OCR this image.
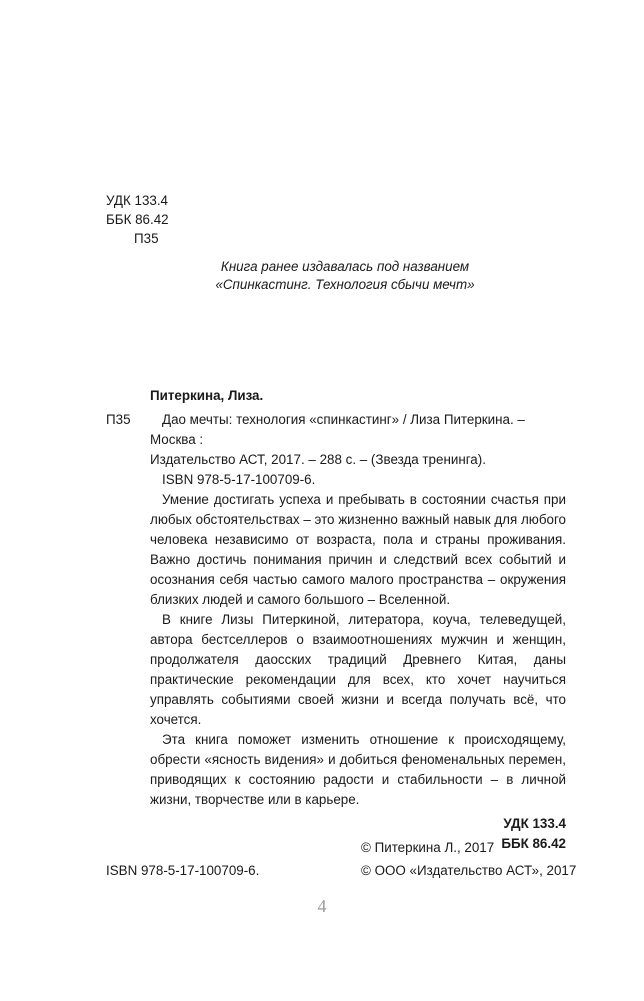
УДК 133.4
ББК 86.42
П35
Книга ранее издавалась под названием
«Спинкастинг. Технология сбычи мечт»
Питеркина, Лиза.
П35	Дао мечты: технология «спинкастинг» / Лиза Питеркина. – Москва :
Издательство АСТ, 2017. – 288 с. – (Звезда тренинга).
ISBN 978-5-17-100709-6.
Умение достигать успеха и пребывать в состоянии счастья при любых обстоятельствах – это жизненно важный навык для любого человека независимо от возраста, пола и страны проживания. Важно достичь понимания причин и следствий всех событий и осознания себя частью самого малого пространства – окружения близких людей и самого большого – Вселенной.
В книге Лизы Питеркиной, литератора, коуча, телеведущей, автора бестселлеров о взаимоотношениях мужчин и женщин, продолжателя даосских традиций Древнего Китая, даны практические рекомендации для всех, кто хочет научиться управлять событиями своей жизни и всегда получать всё, что хочется.
Эта книга поможет изменить отношение к происходящему, обрести «ясность видения» и добиться феноменальных перемен, приводящих к состоянию радости и стабильности – в личной жизни, творчестве или в карьере.
УДК 133.4
ББК 86.42
© Питеркина Л., 2017
ISBN 978-5-17-100709-6.	© ООО «Издательство АСТ», 2017
4
